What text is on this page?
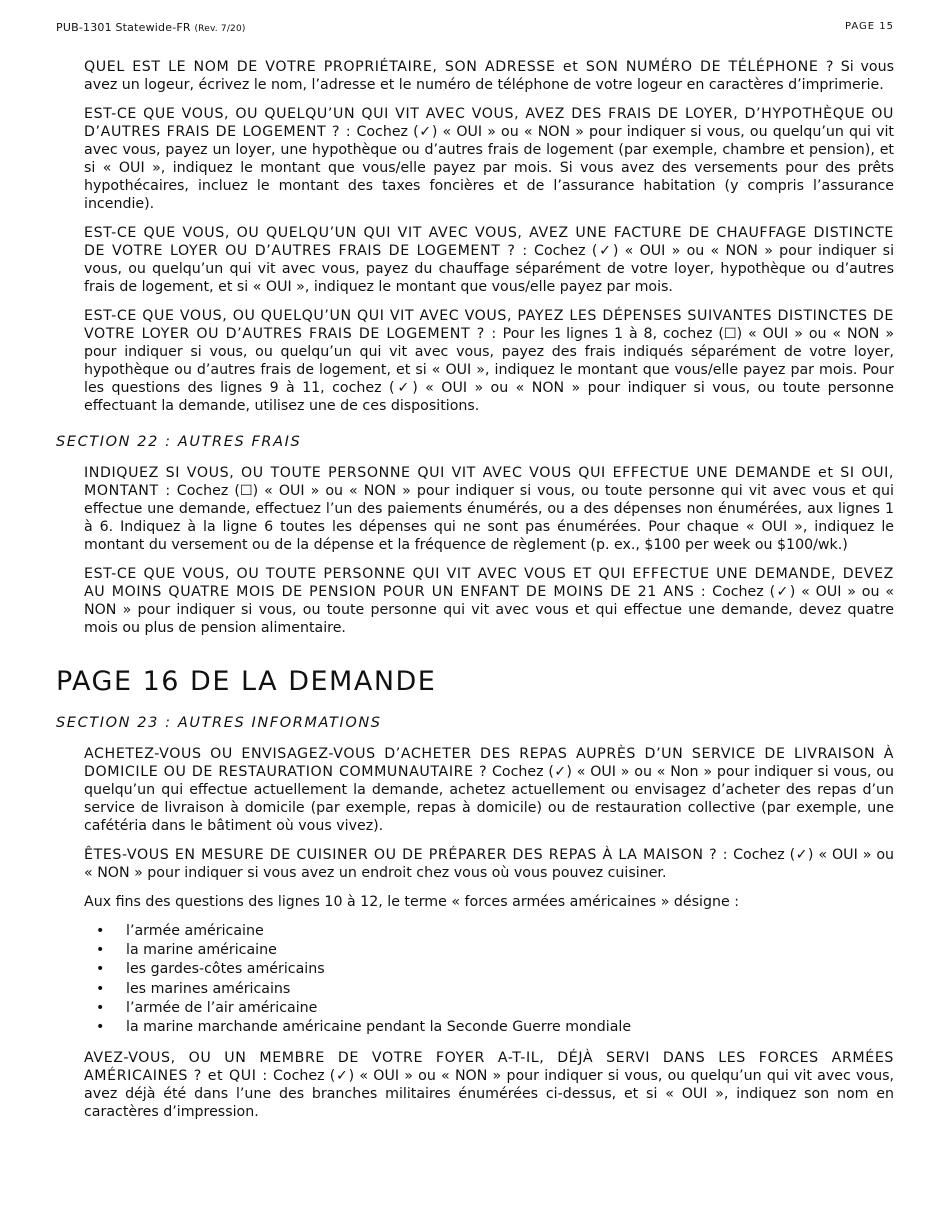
PUB-1301 Statewide-FR (Rev. 7/20)	PAGE 15

QUEL EST LE NOM DE VOTRE PROPRIÉTAIRE, SON ADRESSE et SON NUMÉRO DE TÉLÉPHONE ? Si vous avez un logeur, écrivez le nom, l’adresse et le numéro de téléphone de votre logeur en caractères d’imprimerie.

EST-CE QUE VOUS, OU QUELQU’UN QUI VIT AVEC VOUS, AVEZ DES FRAIS DE LOYER, D’HYPOTHÈQUE OU D’AUTRES FRAIS DE LOGEMENT ? : Cochez (✓) « OUI » ou « NON » pour indiquer si vous, ou quelqu’un qui vit avec vous, payez un loyer, une hypothèque ou d’autres frais de logement (par exemple, chambre et pension), et si « OUI », indiquez le montant que vous/elle payez par mois. Si vous avez des versements pour des prêts hypothécaires, incluez le montant des taxes foncières et de l’assurance habitation (y compris l’assurance incendie).

EST-CE QUE VOUS, OU QUELQU’UN QUI VIT AVEC VOUS, AVEZ UNE FACTURE DE CHAUFFAGE DISTINCTE DE VOTRE LOYER OU D’AUTRES FRAIS DE LOGEMENT ? : Cochez (✓) « OUI » ou « NON » pour indiquer si vous, ou quelqu’un qui vit avec vous, payez du chauffage séparément de votre loyer, hypothèque ou d’autres frais de logement, et si « OUI », indiquez le montant que vous/elle payez par mois.

EST-CE QUE VOUS, OU QUELQU’UN QUI VIT AVEC VOUS, PAYEZ LES DÉPENSES SUIVANTES DISTINCTES DE VOTRE LOYER OU D’AUTRES FRAIS DE LOGEMENT ? : Pour les lignes 1 à 8, cochez (☐) « OUI » ou « NON » pour indiquer si vous, ou quelqu’un qui vit avec vous, payez des frais indiqués séparément de votre loyer, hypothèque ou d’autres frais de logement, et si « OUI », indiquez le montant que vous/elle payez par mois. Pour les questions des lignes 9 à 11, cochez (✓) « OUI » ou « NON » pour indiquer si vous, ou toute personne effectuant la demande, utilisez une de ces dispositions.

SECTION 22 : AUTRES FRAIS

INDIQUEZ SI VOUS, OU TOUTE PERSONNE QUI VIT AVEC VOUS QUI EFFECTUE UNE DEMANDE et SI OUI, MONTANT : Cochez (☐) « OUI » ou « NON » pour indiquer si vous, ou toute personne qui vit avec vous et qui effectue une demande, effectuez l’un des paiements énumérés, ou a des dépenses non énumérées, aux lignes 1 à 6. Indiquez à la ligne 6 toutes les dépenses qui ne sont pas énumérées. Pour chaque « OUI », indiquez le montant du versement ou de la dépense et la fréquence de règlement (p. ex., $100 per week ou $100/wk.)

EST-CE QUE VOUS, OU TOUTE PERSONNE QUI VIT AVEC VOUS ET QUI EFFECTUE UNE DEMANDE, DEVEZ AU MOINS QUATRE MOIS DE PENSION POUR UN ENFANT DE MOINS DE 21 ANS : Cochez (✓) « OUI » ou « NON » pour indiquer si vous, ou toute personne qui vit avec vous et qui effectue une demande, devez quatre mois ou plus de pension alimentaire.

PAGE 16 DE LA DEMANDE
SECTION 23 : AUTRES INFORMATIONS

ACHETEZ-VOUS OU ENVISAGEZ-VOUS D’ACHETER DES REPAS AUPRÈS D’UN SERVICE DE LIVRAISON À DOMICILE OU DE RESTAURATION COMMUNAUTAIRE ? Cochez (✓) « OUI » ou « Non » pour indiquer si vous, ou quelqu’un qui effectue actuellement la demande, achetez actuellement ou envisagez d’acheter des repas d’un service de livraison à domicile (par exemple, repas à domicile) ou de restauration collective (par exemple, une cafétéria dans le bâtiment où vous vivez).

ÊTES-VOUS EN MESURE DE CUISINER OU DE PRÉPARER DES REPAS À LA MAISON ? : Cochez (✓) « OUI » ou « NON » pour indiquer si vous avez un endroit chez vous où vous pouvez cuisiner.

Aux fins des questions des lignes 10 à 12, le terme « forces armées américaines » désigne :

• l’armée américaine
• la marine américaine
• les gardes-côtes américains
• les marines américains
• l’armée de l’air américaine
• la marine marchande américaine pendant la Seconde Guerre mondiale

AVEZ-VOUS, OU UN MEMBRE DE VOTRE FOYER A-T-IL, DÉJÀ SERVI DANS LES FORCES ARMÉES AMÉRICAINES ? et QUI : Cochez (✓) « OUI » ou « NON » pour indiquer si vous, ou quelqu’un qui vit avec vous, avez déjà été dans l’une des branches militaires énumérées ci-dessus, et si « OUI », indiquez son nom en caractères d’impression.
